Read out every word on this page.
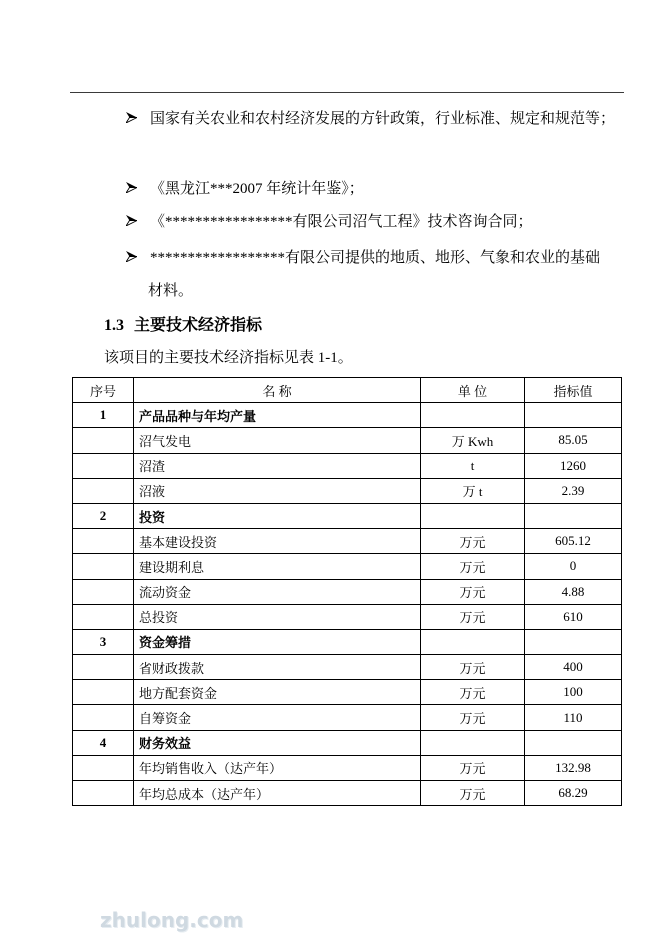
国家有关农业和农村经济发展的方针政策，行业标准、规定和规范等；
《黑龙江***2007 年统计年鉴》；
《*****************有限公司沼气工程》技术咨询合同；
******************有限公司提供的地质、地形、气象和农业的基础
材料。
1.3 主要技术经济指标
该项目的主要技术经济指标见表 1-1。
序号	名 称	单 位	指标值
1	产品品种与年均产量		
	沼气发电	万 Kwh	85.05
	沼渣	t	1260
	沼液	万 t	2.39
2	投资		
	基本建设投资	万元	605.12
	建设期利息	万元	0
	流动资金	万元	4.88
	总投资	万元	610
3	资金筹措		
	省财政拨款	万元	400
	地方配套资金	万元	100
	自筹资金	万元	110
4	财务效益		
	年均销售收入（达产年）	万元	132.98
	年均总成本（达产年）	万元	68.29
zhulong.com
